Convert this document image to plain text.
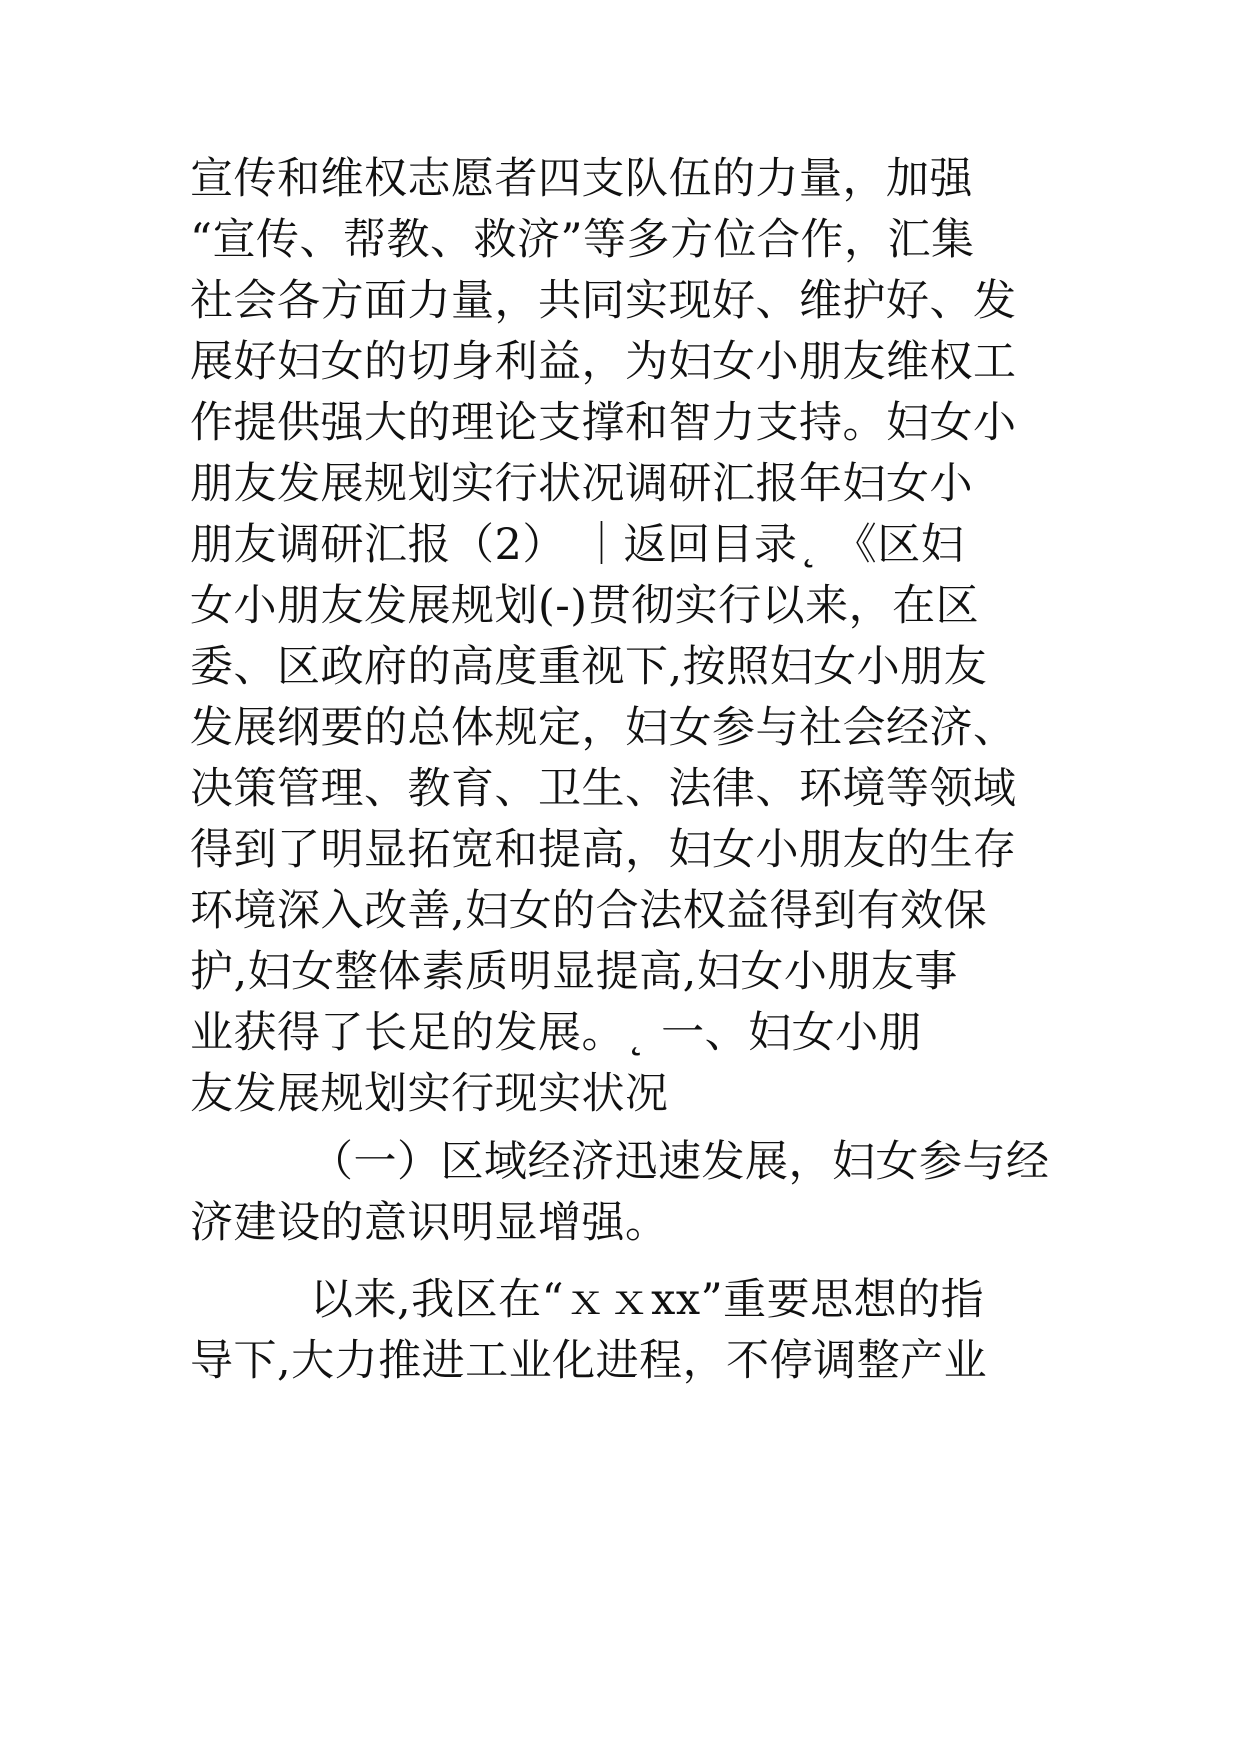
宣传和维权志愿者四支队伍的力量，加强
“宣传、帮教、救济”等多方位合作，汇集
社会各方面力量，共同实现好、维护好、发
展好妇女的切身利益，为妇女小朋友维权工
作提供强大的理论支撑和智力支持。妇女小
朋友发展规划实行状况调研汇报年妇女小
朋友调研汇报（2） ｜返回目录˛ 《区妇
女小朋友发展规划(-)贯彻实行以来，在区
委、区政府的高度重视下,按照妇女小朋友
发展纲要的总体规定，妇女参与社会经济、
决策管理、教育、卫生、法律、环境等领域
得到了明显拓宽和提高，妇女小朋友的生存
环境深入改善,妇女的合法权益得到有效保
护,妇女整体素质明显提高,妇女小朋友事
业获得了长足的发展。˛ 一、妇女小朋
友发展规划实行现实状况
（一）区域经济迅速发展，妇女参与经
济建设的意识明显增强。
以来,我区在“ｘｘxx”重要思想的指
导下,大力推进工业化进程，不停调整产业
